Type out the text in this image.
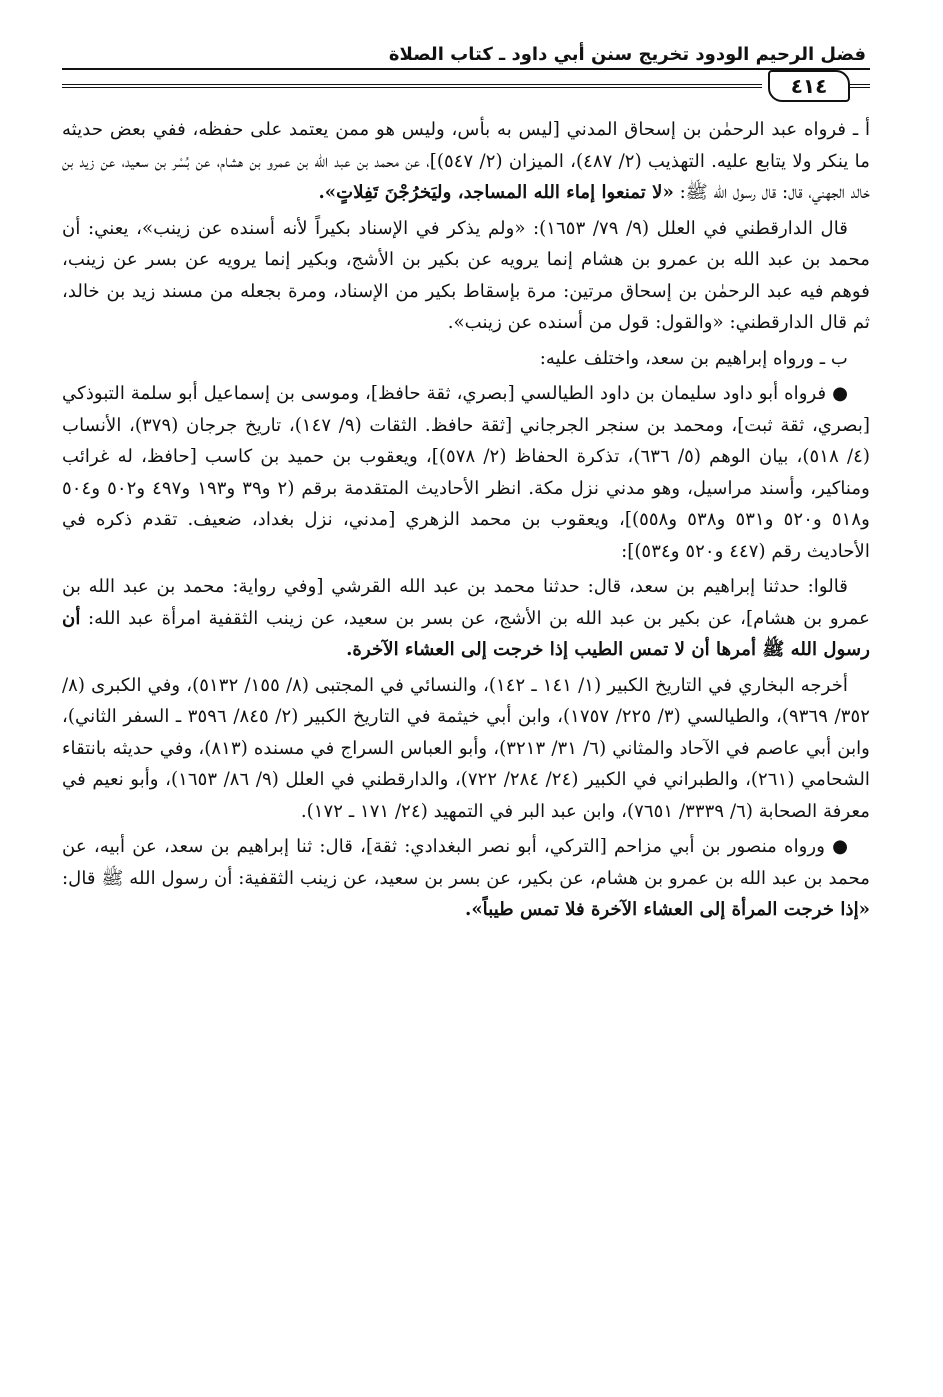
فضل الرحيم الودود تخريج سنن أبي داود ـ كتاب الصلاة
٤١٤

أ ـ فرواه عبد الرحمٰن بن إسحاق المدني [ليس به بأس، وليس هو ممن يعتمد على حفظه، ففي بعض حديثه ما ينكر ولا يتابع عليه. التهذيب (٢/ ٤٨٧)، الميزان (٢/ ٥٤٧)]، عن محمد بن عبد الله بن عمرو بن هشام، عن بُسْر بن سعيد، عن زيد بن خالد الجهني، قال: قال رسول الله ﷺ: «لا تمنعوا إماء الله المساجد، وليَخرُجْنَ تَفِلاتٍ».

قال الدارقطني في العلل (٩/ ٧٩/ ١٦٥٣): «ولم يذكر في الإسناد بكيراً لأنه أسنده عن زينب»، يعني: أن محمد بن عبد الله بن عمرو بن هشام إنما يرويه عن بكير بن الأشج، وبكير إنما يرويه عن بسر عن زينب، فوهم فيه عبد الرحمٰن بن إسحاق مرتين: مرة بإسقاط بكير من الإسناد، ومرة بجعله من مسند زيد بن خالد، ثم قال الدارقطني: «والقول: قول من أسنده عن زينب».

ب ـ ورواه إبراهيم بن سعد، واختلف عليه:

● فرواه أبو داود سليمان بن داود الطيالسي [بصري، ثقة حافظ]، وموسى بن إسماعيل أبو سلمة التبوذكي [بصري، ثقة ثبت]، ومحمد بن سنجر الجرجاني [ثقة حافظ. الثقات (٩/ ١٤٧)، تاريخ جرجان (٣٧٩)، الأنساب (٤/ ٥١٨)، بيان الوهم (٥/ ٦٣٦)، تذكرة الحفاظ (٢/ ٥٧٨)]، ويعقوب بن حميد بن كاسب [حافظ، له غرائب ومناكير، وأسند مراسيل، وهو مدني نزل مكة. انظر الأحاديث المتقدمة برقم (٢ و٣٩ و١٩٣ و٤٩٧ و٥٠٢ و٥٠٤ و٥١٨ و٥٢٠ و٥٣١ و٥٣٨ و٥٥٨)]، ويعقوب بن محمد الزهري [مدني، نزل بغداد، ضعيف. تقدم ذكره في الأحاديث رقم (٤٤٧ و٥٢٠ و٥٣٤)]:

قالوا: حدثنا إبراهيم بن سعد، قال: حدثنا محمد بن عبد الله القرشي [وفي رواية: محمد بن عبد الله بن عمرو بن هشام]، عن بكير بن عبد الله بن الأشج، عن بسر بن سعيد، عن زينب الثقفية امرأة عبد الله: أن رسول الله ﷺ أمرها أن لا تمس الطيب إذا خرجت إلى العشاء الآخرة.

أخرجه البخاري في التاريخ الكبير (١/ ١٤١ ـ ١٤٢)، والنسائي في المجتبى (٨/ ١٥٥/ ٥١٣٢)، وفي الكبرى (٨/ ٣٥٢/ ٩٣٦٩)، والطيالسي (٣/ ٢٢٥/ ١٧٥٧)، وابن أبي خيثمة في التاريخ الكبير (٢/ ٨٤٥/ ٣٥٩٦ ـ السفر الثاني)، وابن أبي عاصم في الآحاد والمثاني (٦/ ٣١/ ٣٢١٣)، وأبو العباس السراج في مسنده (٨١٣)، وفي حديثه بانتقاء الشحامي (٢٦١)، والطبراني في الكبير (٢٤/ ٢٨٤/ ٧٢٢)، والدارقطني في العلل (٩/ ٨٦/ ١٦٥٣)، وأبو نعيم في معرفة الصحابة (٦/ ٣٣٣٩/ ٧٦٥١)، وابن عبد البر في التمهيد (٢٤/ ١٧١ ـ ١٧٢).

● ورواه منصور بن أبي مزاحم [التركي، أبو نصر البغدادي: ثقة]، قال: ثنا إبراهيم بن سعد، عن أبيه، عن محمد بن عبد الله بن عمرو بن هشام، عن بكير، عن بسر بن سعيد، عن زينب الثقفية: أن رسول الله ﷺ قال: «إذا خرجت المرأة إلى العشاء الآخرة فلا تمس طيباً».
